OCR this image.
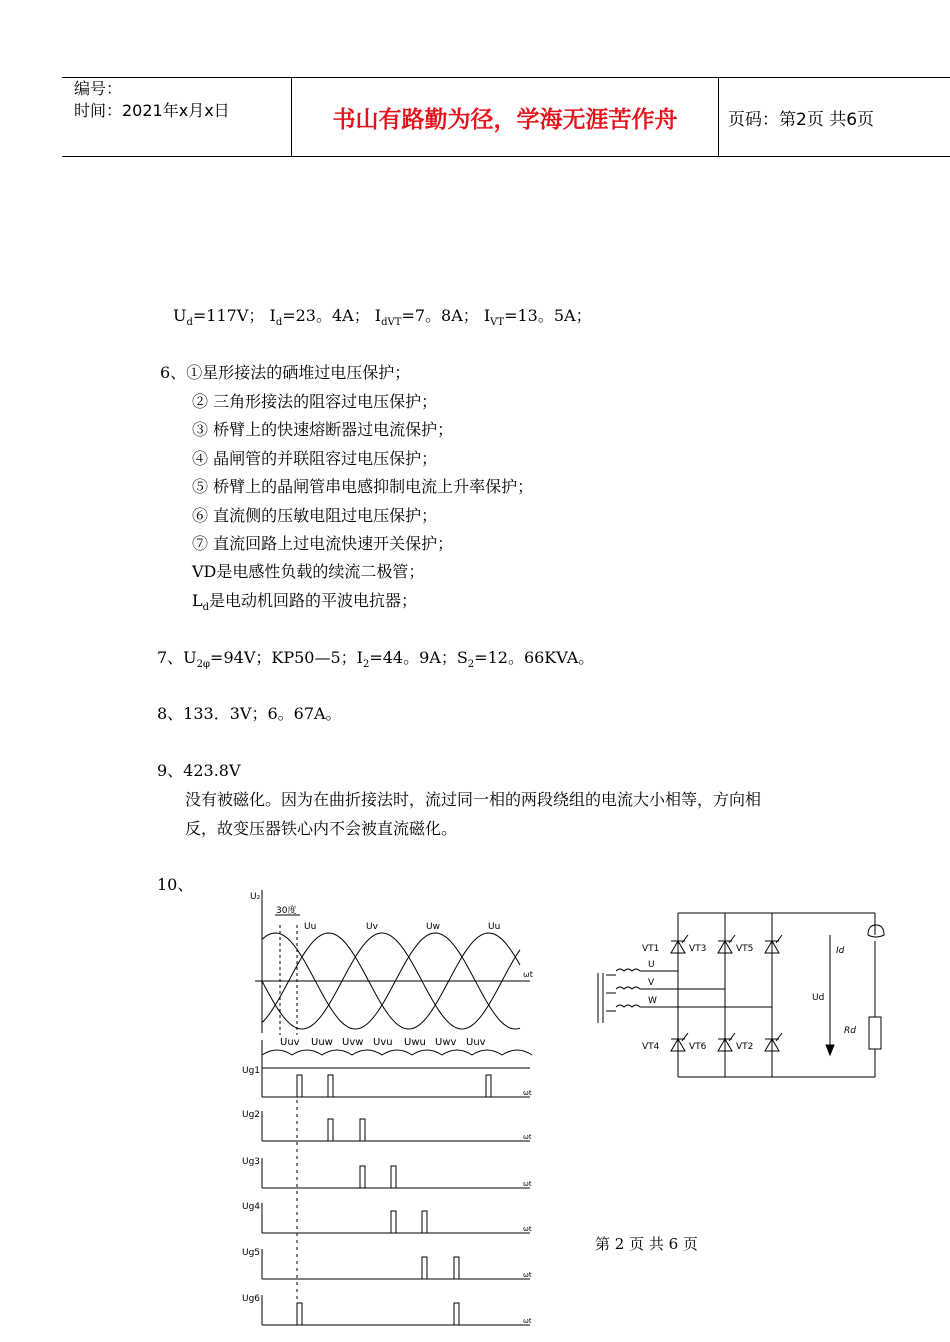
编号：
时间：2021年x月x日	书山有路勤为径，学海无涯苦作舟	页码：第2页 共6页
$U_d=117V$； $I_d=23$。4A； $I_{dVT}=7$。8A； $I_{VT}=13$。5A；
6、①星形接法的硒堆过电压保护；
② 三角形接法的阻容过电压保护；
③ 桥臂上的快速熔断器过电流保护；
④ 晶闸管的并联阻容过电压保护；
⑤ 桥臂上的晶闸管串电感抑制电流上升率保护；
⑥ 直流侧的压敏电阻过电压保护；
⑦ 直流回路上过电流快速开关保护；
VD是电感性负载的续流二极管；
$L_d$是电动机回路的平波电抗器；
7、$U_{2\varphi}=94V$；KP50—5；$I_2=44$。9A；$S_2=12$。66KVA。
8、133．3V；6。67A。
9、423.8V
没有被磁化。因为在曲折接法时，流过同一相的两段绕组的电流大小相等，方向相
反，故变压器铁心内不会被直流磁化。
10、
U₂
30度
Uu	Uv	Uw	Uu
ωt
Uuv Uuw Uvw Uvu Uwu Uwv Uuv
Ug1
ωt
Ug2
ωt
Ug3
ωt
Ug4
ωt
Ug5
ωt
Ug6
ωt
U
V
W	Ud
Id
Rd
VT1	VT3	VT5
VT4	VT6	VT2
第 2 页 共 6 页
